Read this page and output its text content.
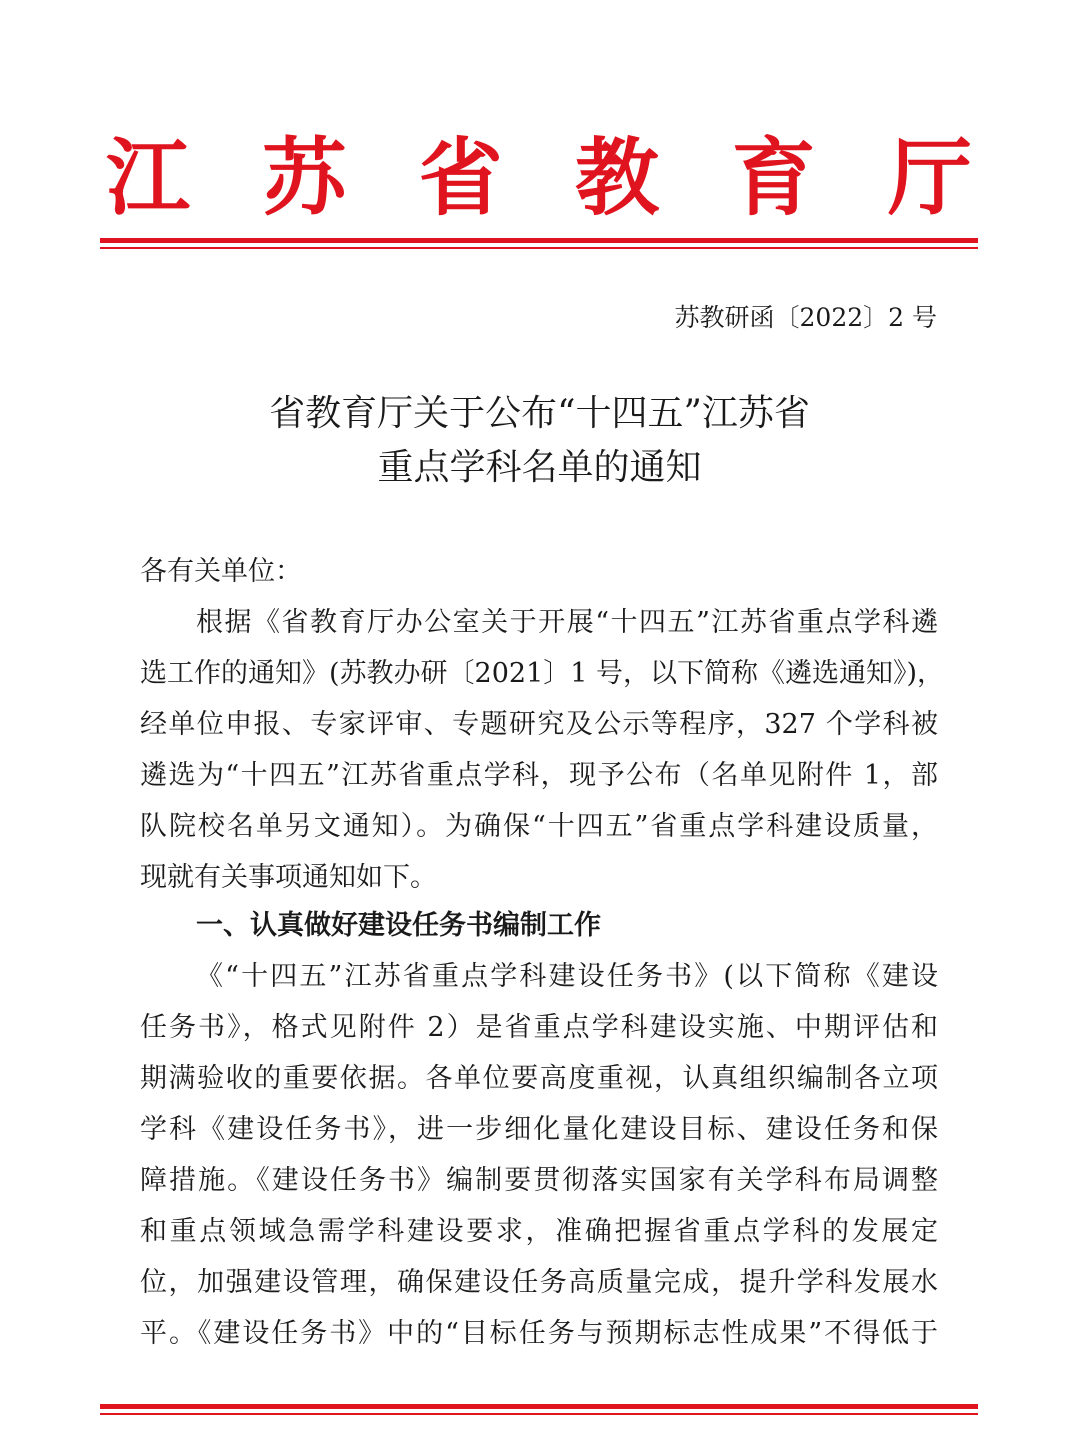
江 苏 省 教 育 厅
苏教研函〔2022〕2 号
省教育厅关于公布“十四五”江苏省
重点学科名单的通知
各有关单位：
根据《省教育厅办公室关于开展“十四五”江苏省重点学科遴
选工作的通知》(苏教办研〔2021〕1 号，以下简称《遴选通知》)，
经单位申报、专家评审、专题研究及公示等程序，327 个学科被
遴选为“十四五”江苏省重点学科，现予公布（名单见附件 1，部
队院校名单另文通知）。为确保“十四五”省重点学科建设质量，
现就有关事项通知如下。
一、认真做好建设任务书编制工作
《“十四五”江苏省重点学科建设任务书》(以下简称《建设
任务书》，格式见附件 2）是省重点学科建设实施、中期评估和
期满验收的重要依据。各单位要高度重视，认真组织编制各立项
学科《建设任务书》，进一步细化量化建设目标、建设任务和保
障措施。《建设任务书》编制要贯彻落实国家有关学科布局调整
和重点领域急需学科建设要求，准确把握省重点学科的发展定
位，加强建设管理，确保建设任务高质量完成，提升学科发展水
平。《建设任务书》中的“目标任务与预期标志性成果”不得低于
